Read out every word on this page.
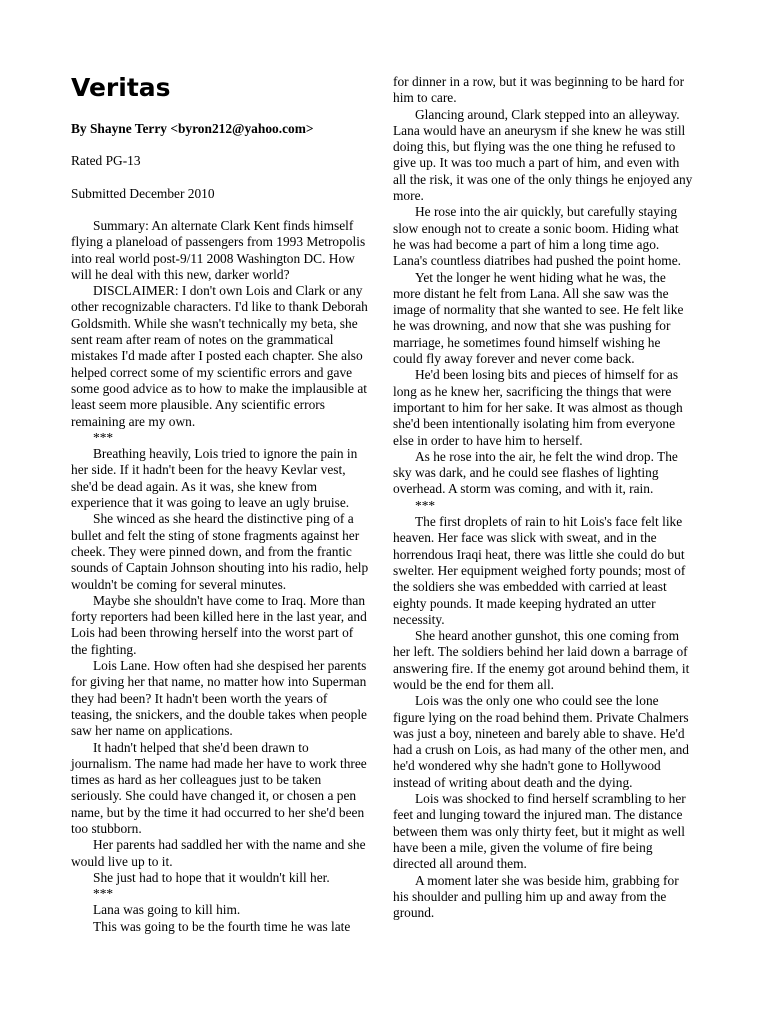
Veritas

By Shayne Terry <byron212@yahoo.com>

Rated PG-13

Submitted December 2010

Summary: An alternate Clark Kent finds himself flying a planeload of passengers from 1993 Metropolis into real world post-9/11 2008 Washington DC. How will he deal with this new, darker world?

DISCLAIMER: I don't own Lois and Clark or any other recognizable characters. I'd like to thank Deborah Goldsmith. While she wasn't technically my beta, she sent ream after ream of notes on the grammatical mistakes I'd made after I posted each chapter. She also helped correct some of my scientific errors and gave some good advice as to how to make the implausible at least seem more plausible. Any scientific errors remaining are my own.

***

Breathing heavily, Lois tried to ignore the pain in her side. If it hadn't been for the heavy Kevlar vest, she'd be dead again. As it was, she knew from experience that it was going to leave an ugly bruise.

She winced as she heard the distinctive ping of a bullet and felt the sting of stone fragments against her cheek. They were pinned down, and from the frantic sounds of Captain Johnson shouting into his radio, help wouldn't be coming for several minutes.

Maybe she shouldn't have come to Iraq. More than forty reporters had been killed here in the last year, and Lois had been throwing herself into the worst part of the fighting.

Lois Lane. How often had she despised her parents for giving her that name, no matter how into Superman they had been? It hadn't been worth the years of teasing, the snickers, and the double takes when people saw her name on applications.

It hadn't helped that she'd been drawn to journalism. The name had made her have to work three times as hard as her colleagues just to be taken seriously. She could have changed it, or chosen a pen name, but by the time it had occurred to her she'd been too stubborn.

Her parents had saddled her with the name and she would live up to it.

She just had to hope that it wouldn't kill her.

***

Lana was going to kill him.

This was going to be the fourth time he was late

for dinner in a row, but it was beginning to be hard for him to care.

Glancing around, Clark stepped into an alleyway. Lana would have an aneurysm if she knew he was still doing this, but flying was the one thing he refused to give up. It was too much a part of him, and even with all the risk, it was one of the only things he enjoyed any more.

He rose into the air quickly, but carefully staying slow enough not to create a sonic boom. Hiding what he was had become a part of him a long time ago. Lana's countless diatribes had pushed the point home.

Yet the longer he went hiding what he was, the more distant he felt from Lana. All she saw was the image of normality that she wanted to see. He felt like he was drowning, and now that she was pushing for marriage, he sometimes found himself wishing he could fly away forever and never come back.

He'd been losing bits and pieces of himself for as long as he knew her, sacrificing the things that were important to him for her sake. It was almost as though she'd been intentionally isolating him from everyone else in order to have him to herself.

As he rose into the air, he felt the wind drop. The sky was dark, and he could see flashes of lighting overhead. A storm was coming, and with it, rain.

***

The first droplets of rain to hit Lois's face felt like heaven. Her face was slick with sweat, and in the horrendous Iraqi heat, there was little she could do but swelter. Her equipment weighed forty pounds; most of the soldiers she was embedded with carried at least eighty pounds. It made keeping hydrated an utter necessity.

She heard another gunshot, this one coming from her left. The soldiers behind her laid down a barrage of answering fire. If the enemy got around behind them, it would be the end for them all.

Lois was the only one who could see the lone figure lying on the road behind them. Private Chalmers was just a boy, nineteen and barely able to shave. He'd had a crush on Lois, as had many of the other men, and he'd wondered why she hadn't gone to Hollywood instead of writing about death and the dying.

Lois was shocked to find herself scrambling to her feet and lunging toward the injured man. The distance between them was only thirty feet, but it might as well have been a mile, given the volume of fire being directed all around them.

A moment later she was beside him, grabbing for his shoulder and pulling him up and away from the ground.
